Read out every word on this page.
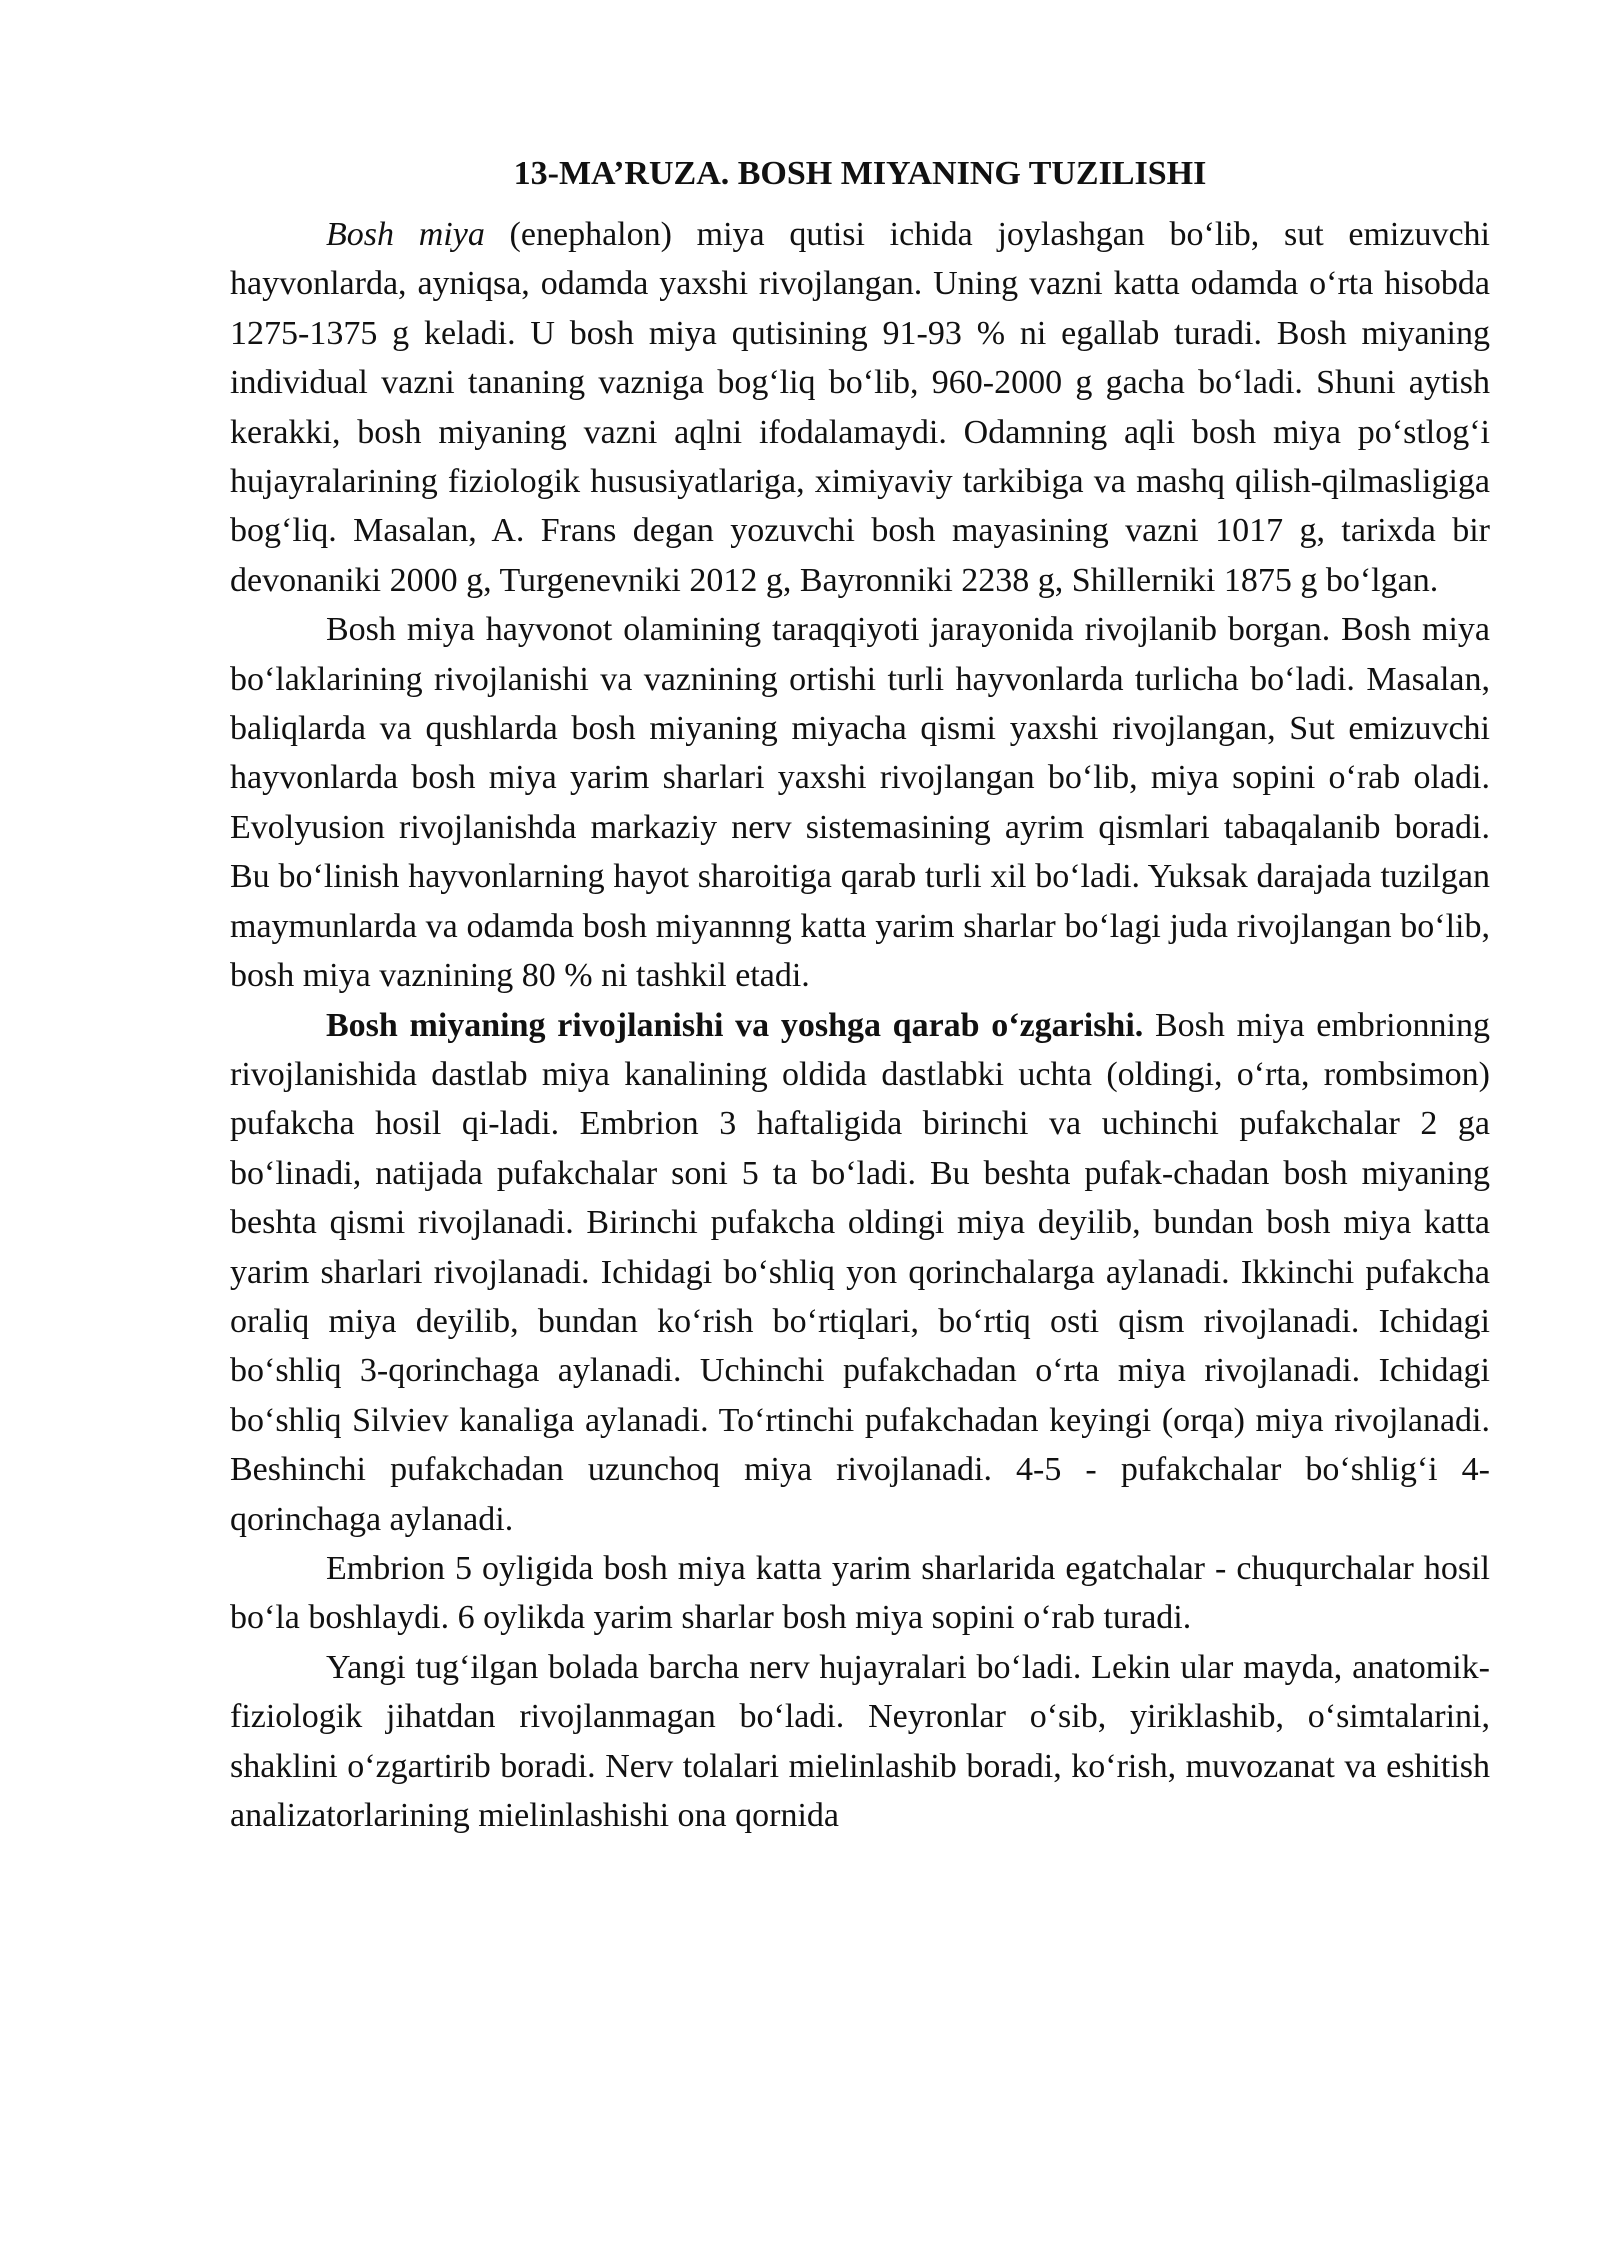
13-MA’RUZA. BOSH MIYANING TUZILISHI

Bosh miya (enephalon) miya qutisi ichida joylashgan bo‘lib, sut emizuvchi hayvonlarda, ayniqsa, odamda yaxshi rivojlangan. Uning vazni katta odamda o‘rta hisobda 1275-1375 g keladi. U bosh miya qutisining 91-93 % ni egallab turadi. Bosh miyaning individual vazni tananing vazniga bog‘liq bo‘lib, 960-2000 g gacha bo‘ladi. Shuni aytish kerakki, bosh miyaning vazni aqlni ifodalamaydi. Odamning aqli bosh miya po‘stlog‘i hujayralarining fiziologik hususiyatlariga, ximiyaviy tarkibiga va mashq qilish-qilmasligiga bog‘liq. Masalan, A. Frans degan yozuvchi bosh mayasining vazni 1017 g, tarixda bir devonaniki 2000 g, Turgenevniki 2012 g, Bayronniki 2238 g, Shillerniki 1875 g bo‘lgan.

Bosh miya hayvonot olamining taraqqiyoti jarayonida rivojlanib borgan. Bosh miya bo‘laklarining rivojlanishi va vaznining ortishi turli hayvonlarda turlicha bo‘ladi. Masalan, baliqlarda va qushlarda bosh miyaning miyacha qismi yaxshi rivojlangan, Sut emizuvchi hayvonlarda bosh miya yarim sharlari yaxshi rivojlangan bo‘lib, miya sopini o‘rab oladi. Evolyusion rivojlanishda markaziy nerv sistemasining ayrim qismlari tabaqalanib boradi. Bu bo‘linish hayvonlarning hayot sharoitiga qarab turli xil bo‘ladi. Yuksak darajada tuzilgan maymunlarda va odamda bosh miyannng katta yarim sharlar bo‘lagi juda rivojlangan bo‘lib, bosh miya vaznining 80 % ni tashkil etadi.

Bosh miyaning rivojlanishi va yoshga qarab o‘zgarishi. Bosh miya embrionning rivojlanishida dastlab miya kanalining oldida dastlabki uchta (oldingi, o‘rta, rombsimon) pufakcha hosil qi-ladi. Embrion 3 haftaligida birinchi va uchinchi pufakchalar 2 ga bo‘linadi, natijada pufakchalar soni 5 ta bo‘ladi. Bu beshta pufak-chadan bosh miyaning beshta qismi rivojlanadi. Birinchi pufakcha oldingi miya deyilib, bundan bosh miya katta yarim sharlari rivojlanadi. Ichidagi bo‘shliq yon qorinchalarga aylanadi. Ikkinchi pufakcha oraliq miya deyilib, bundan ko‘rish bo‘rtiqlari, bo‘rtiq osti qism rivojlanadi. Ichidagi bo‘shliq 3-qorinchaga aylanadi. Uchinchi pufakchadan o‘rta miya rivojlanadi. Ichidagi bo‘shliq Silviev kanaliga aylanadi. To‘rtinchi pufakchadan keyingi (orqa) miya rivojlanadi. Beshinchi pufakchadan uzunchoq miya rivojlanadi. 4-5 - pufakchalar bo‘shlig‘i 4-qorinchaga aylanadi.

Embrion 5 oyligida bosh miya katta yarim sharlarida egatchalar - chuqurchalar hosil bo‘la boshlaydi. 6 oylikda yarim sharlar bosh miya sopini o‘rab turadi.

Yangi tug‘ilgan bolada barcha nerv hujayralari bo‘ladi. Lekin ular mayda, anatomik-fiziologik jihatdan rivojlanmagan bo‘ladi. Neyronlar o‘sib, yiriklashib, o‘simtalarini, shaklini o‘zgartirib boradi. Nerv tolalari mielinlashib boradi, ko‘rish, muvozanat va eshitish analizatorlarining mielinlashishi ona qornida
